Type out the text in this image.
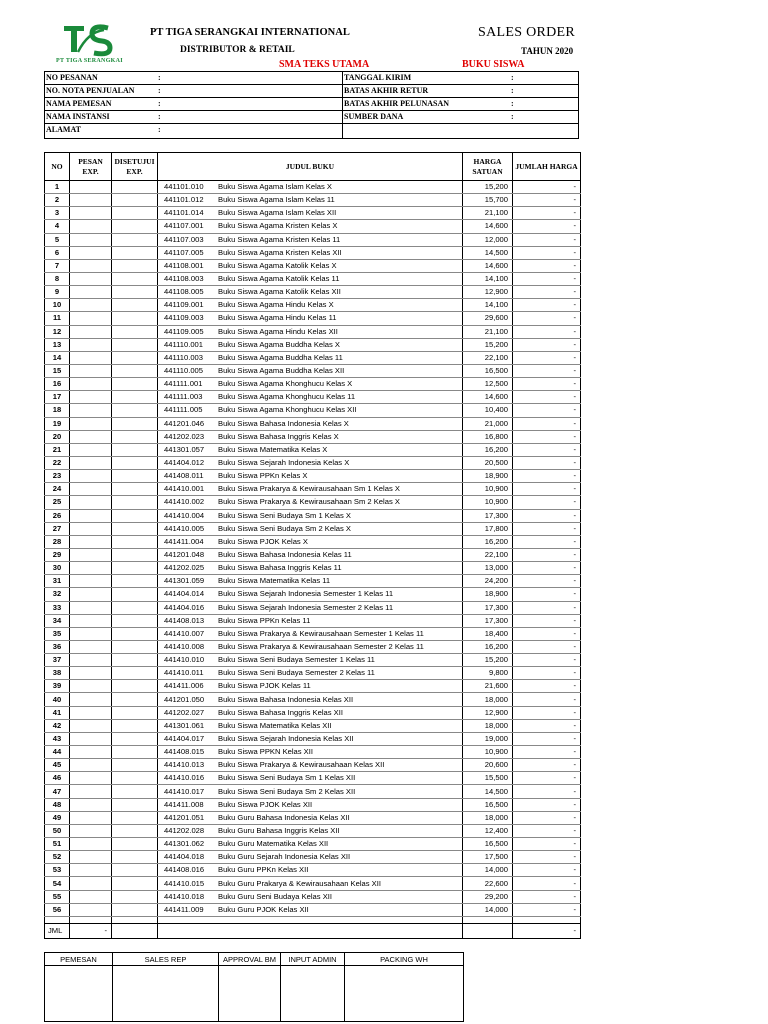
PT TIGA SERANGKAI
PT TIGA SERANGKAI INTERNATIONAL
DISTRIBUTOR & RETAIL
SALES ORDER
TAHUN 2020
SMA TEKS UTAMA	BUKU SISWA
NO PESANAN	:
NO. NOTA PENJUALAN	:
NAMA PEMESAN	:
NAMA INSTANSI	:
ALAMAT	:
TANGGAL KIRIM	:
BATAS AKHIR RETUR	:
BATAS AKHIR PELUNASAN	:
SUMBER DANA	:
NO	PESAN EXP.	DISETUJUI EXP.	JUDUL BUKU	HARGA SATUAN	JUMLAH HARGA
1			441101.010 Buku Siswa Agama Islam Kelas X	15,200	-
2			441101.012 Buku Siswa Agama Islam Kelas 11	15,700	-
3			441101.014 Buku Siswa Agama Islam Kelas XII	21,100	-
4			441107.001 Buku Siswa Agama Kristen Kelas X	14,600	-
5			441107.003 Buku Siswa Agama Kristen Kelas 11	12,000	-
6			441107.005 Buku Siswa Agama Kristen Kelas XII	14,500	-
7			441108.001 Buku Siswa Agama Katolik Kelas X	14,600	-
8			441108.003 Buku Siswa Agama Katolik Kelas 11	14,100	-
9			441108.005 Buku Siswa Agama Katolik Kelas XII	12,900	-
10			441109.001 Buku Siswa Agama Hindu Kelas X	14,100	-
11			441109.003 Buku Siswa Agama Hindu Kelas 11	29,600	-
12			441109.005 Buku Siswa Agama Hindu Kelas XII	21,100	-
13			441110.001 Buku Siswa Agama Buddha Kelas X	15,200	-
14			441110.003 Buku Siswa Agama Buddha Kelas 11	22,100	-
15			441110.005 Buku Siswa Agama Buddha Kelas XII	16,500	-
16			441111.001 Buku Siswa Agama Khonghucu Kelas X	12,500	-
17			441111.003 Buku Siswa Agama Khonghucu Kelas 11	14,600	-
18			441111.005 Buku Siswa Agama Khonghucu Kelas XII	10,400	-
19			441201.046 Buku Siswa Bahasa Indonesia Kelas X	21,000	-
20			441202.023 Buku Siswa Bahasa Inggris Kelas X	16,800	-
21			441301.057 Buku Siswa Matematika Kelas X	16,200	-
22			441404.012 Buku Siswa Sejarah Indonesia Kelas X	20,500	-
23			441408.011 Buku Siswa PPKn Kelas X	18,900	-
24			441410.001 Buku Siswa Prakarya & Kewirausahaan Sm 1 Kelas X	10,900	-
25			441410.002 Buku Siswa Prakarya & Kewirausahaan Sm 2 Kelas X	10,900	-
26			441410.004 Buku Siswa Seni Budaya Sm 1 Kelas X	17,300	-
27			441410.005 Buku Siswa Seni Budaya Sm 2 Kelas X	17,800	-
28			441411.004 Buku Siswa PJOK Kelas X	16,200	-
29			441201.048 Buku Siswa Bahasa Indonesia Kelas 11	22,100	-
30			441202.025 Buku Siswa Bahasa Inggris Kelas 11	13,000	-
31			441301.059 Buku Siswa Matematika Kelas 11	24,200	-
32			441404.014 Buku Siswa Sejarah Indonesia Semester 1 Kelas 11	18,900	-
33			441404.016 Buku Siswa Sejarah Indonesia Semester 2 Kelas 11	17,300	-
34			441408.013 Buku Siswa PPKn Kelas 11	17,300	-
35			441410.007 Buku Siswa Prakarya & Kewirausahaan Semester 1 Kelas 11	18,400	-
36			441410.008 Buku Siswa Prakarya & Kewirausahaan Semester 2 Kelas 11	16,200	-
37			441410.010 Buku Siswa Seni Budaya Semester 1 Kelas 11	15,200	-
38			441410.011 Buku Siswa Seni Budaya Semester 2 Kelas 11	9,800	-
39			441411.006 Buku Siswa PJOK Kelas 11	21,600	-
40			441201.050 Buku Siswa Bahasa Indonesia Kelas XII	18,000	-
41			441202.027 Buku Siswa Bahasa Inggris Kelas XII	12,900	-
42			441301.061 Buku Siswa Matematika Kelas XII	18,000	-
43			441404.017 Buku Siswa Sejarah Indonesia Kelas XII	19,000	-
44			441408.015 Buku Siswa PPKN Kelas XII	10,900	-
45			441410.013 Buku Siswa Prakarya & Kewirausahaan Kelas XII	20,600	-
46			441410.016 Buku Siswa Seni Budaya Sm 1 Kelas XII	15,500	-
47			441410.017 Buku Siswa Seni Budaya Sm 2 Kelas XII	14,500	-
48			441411.008 Buku Siswa PJOK Kelas XII	16,500	-
49			441201.051 Buku Guru Bahasa Indonesia Kelas XII	18,000	-
50			441202.028 Buku Guru Bahasa Inggris Kelas XII	12,400	-
51			441301.062 Buku Guru Matematika Kelas XII	16,500	-
52			441404.018 Buku Guru Sejarah Indonesia Kelas XII	17,500	-
53			441408.016 Buku Guru PPKn Kelas XII	14,000	-
54			441410.015 Buku Guru Prakarya & Kewirausahaan Kelas XII	22,600	-
55			441410.018 Buku Guru Seni Budaya Kelas XII	29,200	-
56			441411.009 Buku Guru PJOK Kelas XII	14,000	-

JML	-				-
PEMESAN	SALES REP	APPROVAL BM	INPUT ADMIN	PACKING WH
